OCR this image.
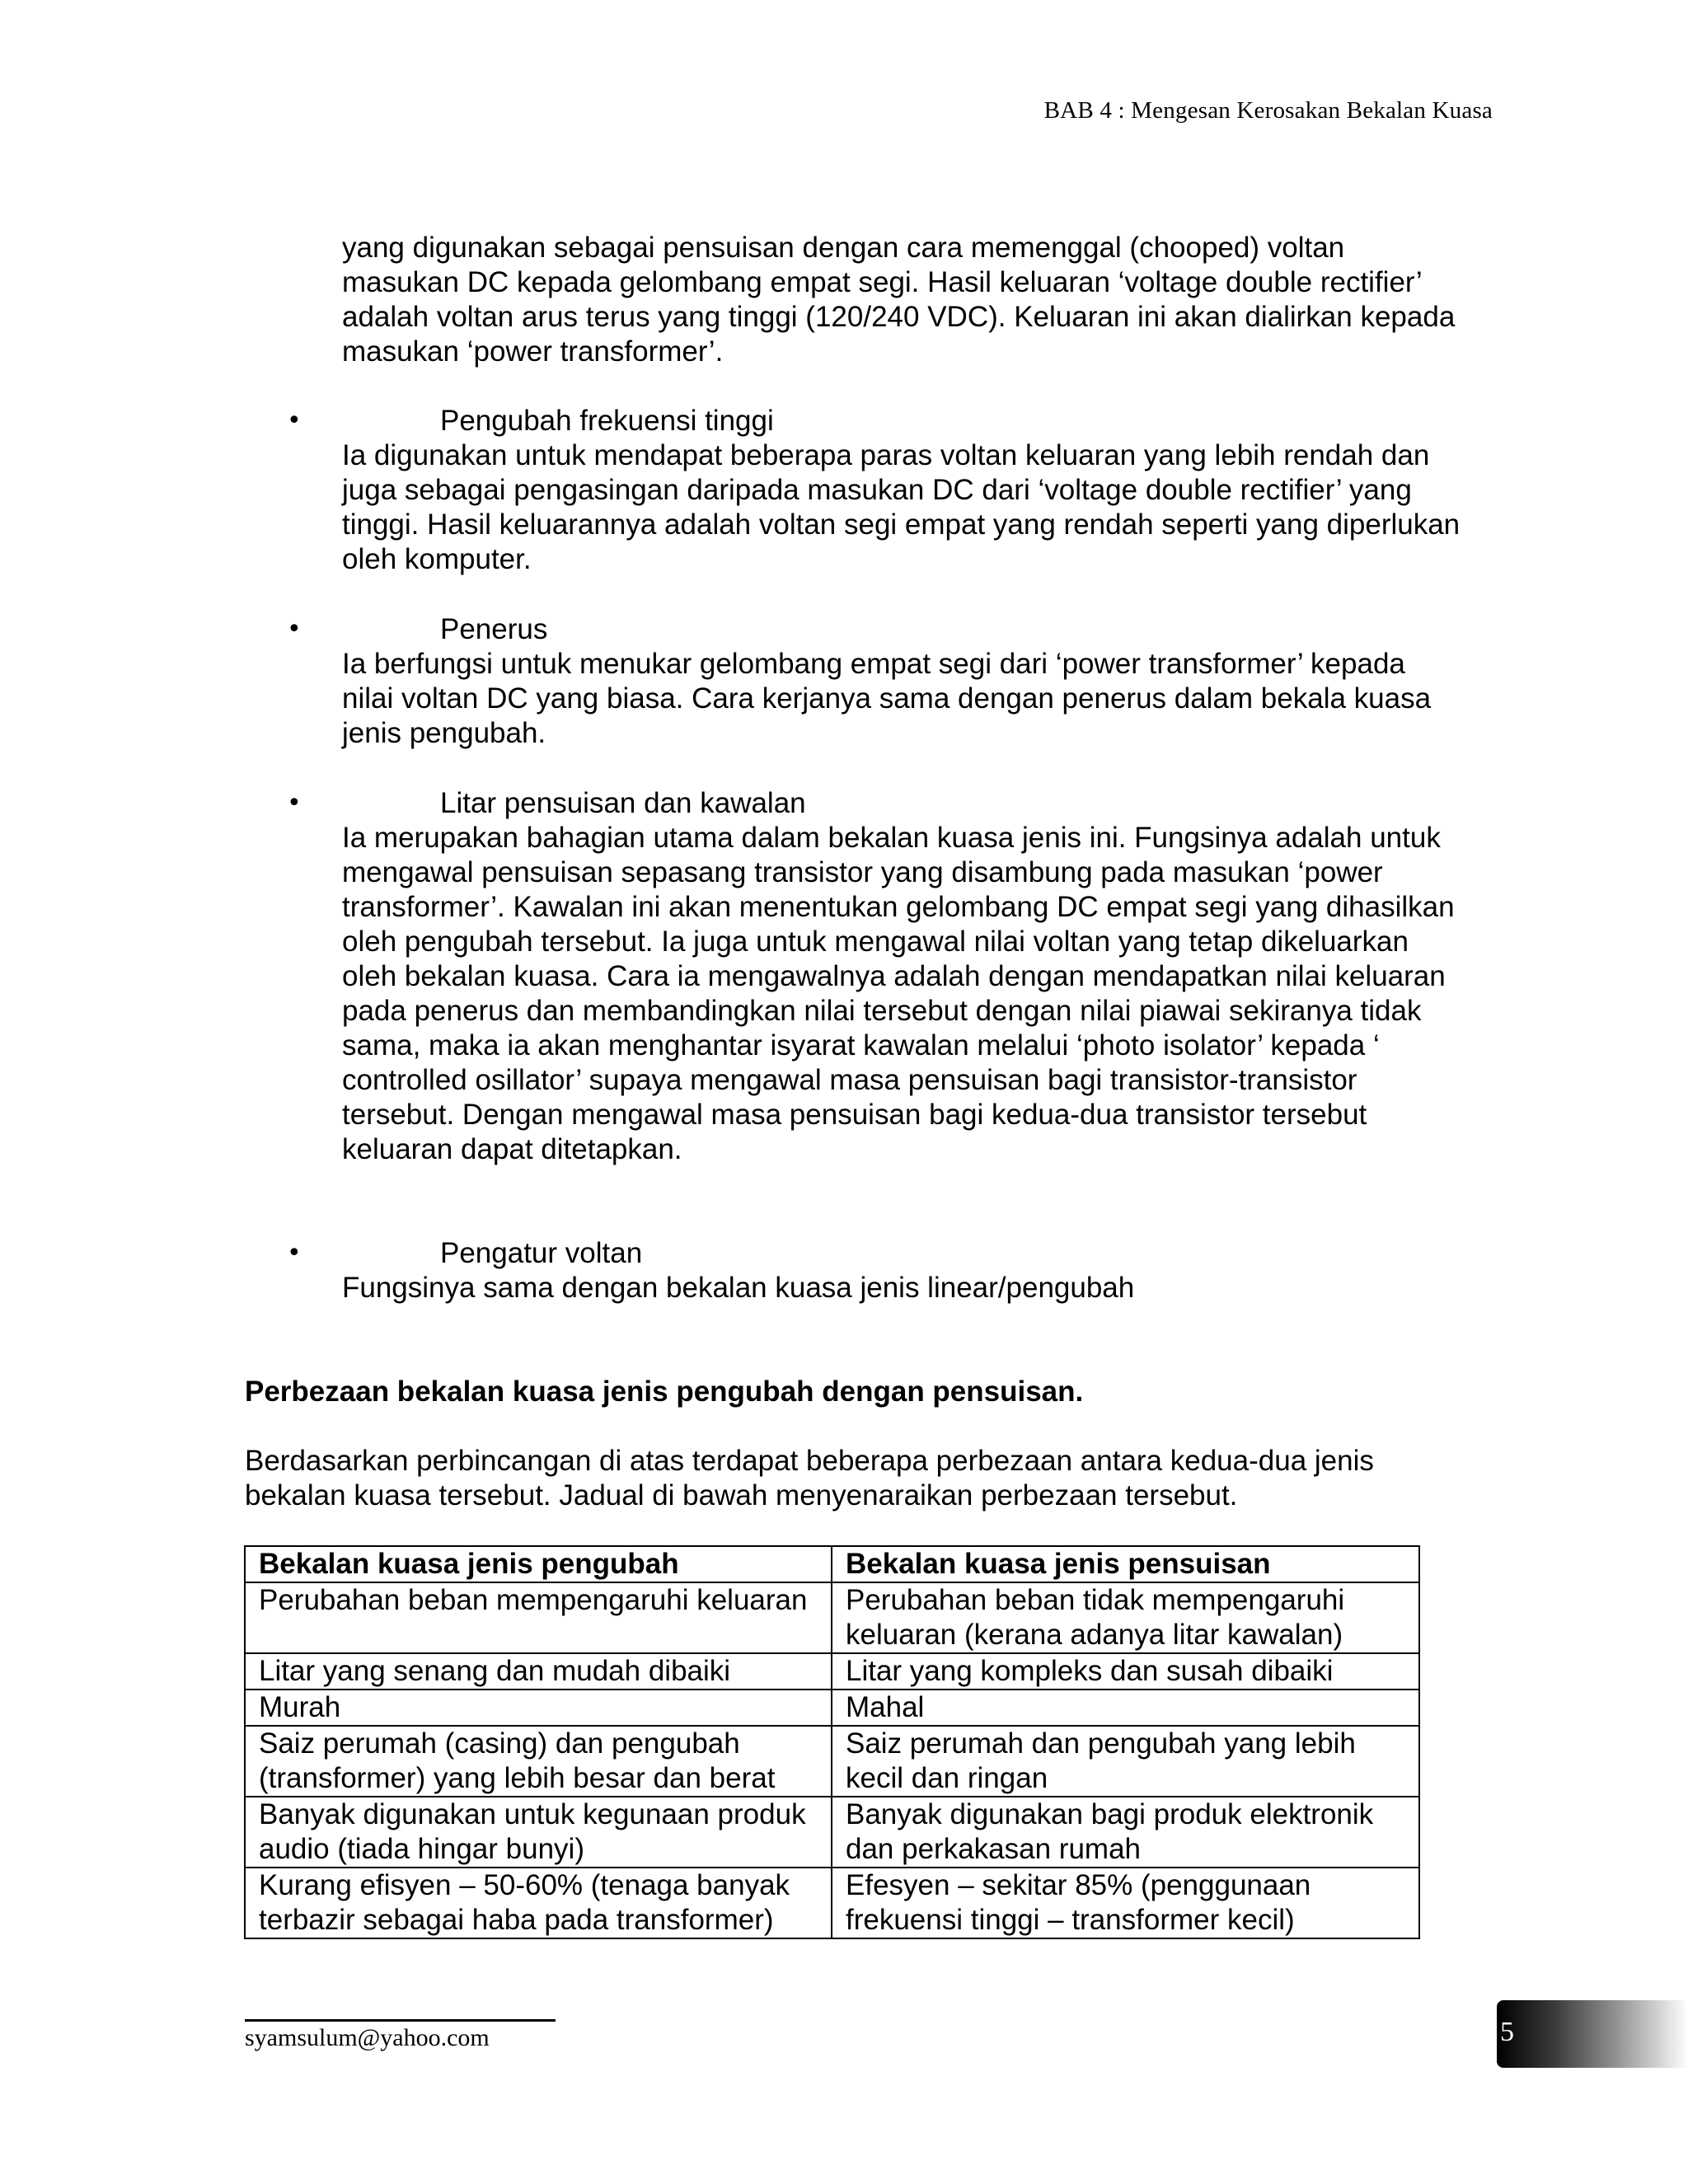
BAB 4 : Mengesan Kerosakan Bekalan Kuasa

yang digunakan sebagai pensuisan dengan cara memenggal (chooped) voltan masukan DC kepada gelombang empat segi. Hasil keluaran ‘voltage double rectifier’ adalah voltan arus terus yang tinggi (120/240 VDC). Keluaran ini akan dialirkan kepada masukan ‘power transformer’.

•	Pengubah frekuensi tinggi

Ia digunakan untuk mendapat beberapa paras voltan keluaran yang lebih rendah dan juga sebagai pengasingan daripada masukan DC dari ‘voltage double rectifier’ yang tinggi. Hasil keluarannya adalah voltan segi empat yang rendah seperti yang diperlukan oleh komputer.

•	Penerus

Ia berfungsi untuk menukar gelombang empat segi dari ‘power transformer’ kepada nilai voltan DC yang biasa. Cara kerjanya sama dengan penerus dalam bekala kuasa jenis pengubah.

•	Litar pensuisan dan kawalan

Ia merupakan bahagian utama dalam bekalan kuasa jenis ini. Fungsinya adalah untuk mengawal pensuisan sepasang transistor yang disambung pada masukan ‘power transformer’. Kawalan ini akan menentukan gelombang DC empat segi yang dihasilkan oleh pengubah tersebut. Ia juga untuk mengawal nilai voltan yang tetap dikeluarkan oleh bekalan kuasa. Cara ia mengawalnya adalah dengan mendapatkan nilai keluaran pada penerus dan membandingkan nilai tersebut dengan nilai piawai sekiranya tidak sama, maka ia akan menghantar isyarat kawalan melalui ‘photo isolator’ kepada ‘ controlled osillator’ supaya mengawal masa pensuisan bagi transistor-transistor tersebut. Dengan mengawal masa pensuisan bagi kedua-dua transistor tersebut keluaran dapat ditetapkan.

•	Pengatur voltan

Fungsinya sama dengan bekalan kuasa jenis linear/pengubah

Perbezaan bekalan kuasa jenis pengubah dengan pensuisan.

Berdasarkan perbincangan di atas terdapat beberapa perbezaan antara kedua-dua jenis bekalan kuasa tersebut. Jadual di bawah menyenaraikan perbezaan tersebut.

Bekalan kuasa jenis pengubah	Bekalan kuasa jenis pensuisan
Perubahan beban mempengaruhi keluaran	Perubahan beban tidak mempengaruhi keluaran (kerana adanya litar kawalan)
Litar yang senang dan mudah dibaiki	Litar yang kompleks dan susah dibaiki
Murah	Mahal
Saiz perumah (casing) dan pengubah (transformer) yang lebih besar dan berat	Saiz perumah dan pengubah yang lebih kecil dan ringan
Banyak digunakan untuk kegunaan produk audio (tiada hingar bunyi)	Banyak digunakan bagi produk elektronik dan perkakasan rumah
Kurang efisyen – 50-60% (tenaga banyak terbazir sebagai haba pada transformer)	Efesyen – sekitar 85% (penggunaan frekuensi tinggi – transformer kecil)
syamsulum@yahoo.com	5
